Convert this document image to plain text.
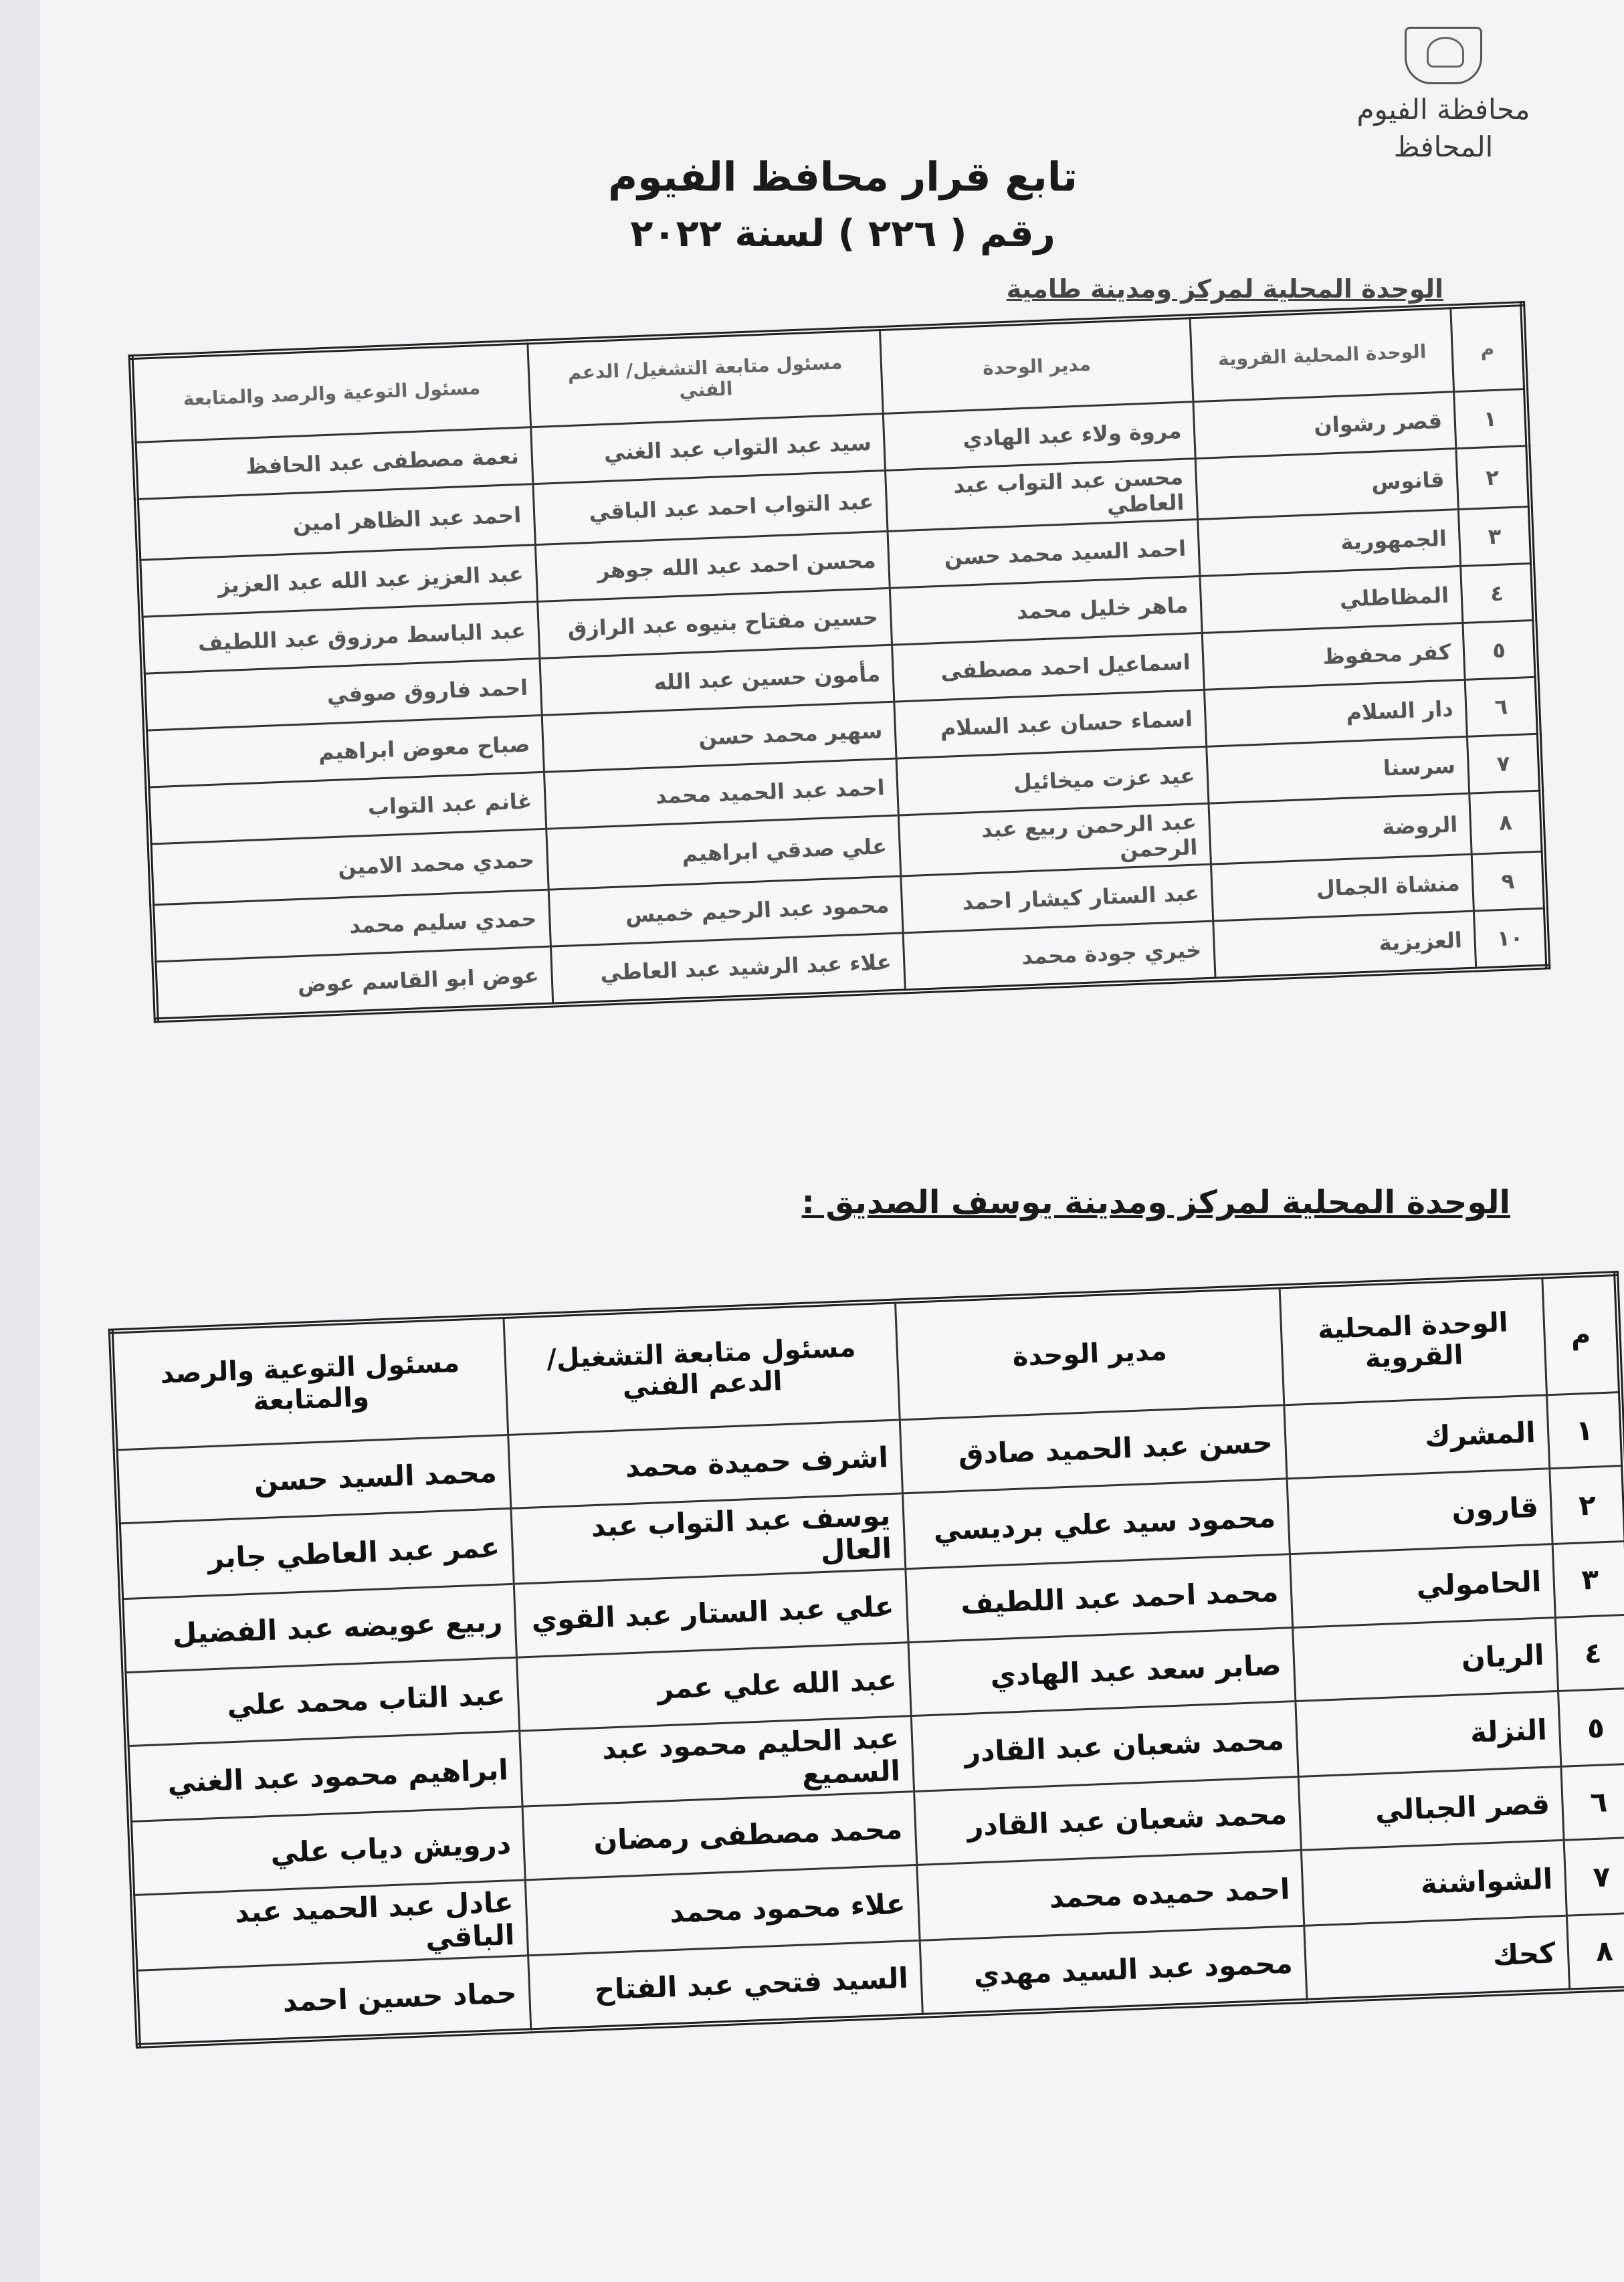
محافظة الفيوم
المحافظ
تابع قرار محافظ الفيوم
رقم ( ٢٢٦ ) لسنة ٢٠٢٢
الوحدة المحلية لمركز ومدينة طامية
م	الوحدة المحلية القروية	مدير الوحدة	مسئول متابعة التشغيل/ الدعم الفني	مسئول التوعية والرصد والمتابعة
١	قصر رشوان	مروة ولاء عبد الهادي	سيد عبد التواب عبد الغني	نعمة مصطفى عبد الحافظ
٢	قانوس	محسن عبد التواب عبد العاطي	عبد التواب احمد عبد الباقي	احمد عبد الظاهر امين
٣	الجمهورية	احمد السيد محمد حسن	محسن احمد عبد الله جوهر	عبد العزيز عبد الله عبد العزيز
٤	المظاطلي	ماهر خليل محمد	حسين مفتاح بنيوه عبد الرازق	عبد الباسط مرزوق عبد اللطيف
٥	كفر محفوظ	اسماعيل احمد مصطفى	مأمون حسين عبد الله	احمد فاروق صوفي
٦	دار السلام	اسماء حسان عبد السلام	سهير محمد حسن	صباح معوض ابراهيم
٧	سرسنا	عيد عزت ميخائيل	احمد عبد الحميد محمد	غانم عبد التواب
٨	الروضة	عبد الرحمن ربيع عبد الرحمن	علي صدقي ابراهيم	حمدي محمد الامين
٩	منشاة الجمال	عبد الستار كيشار احمد	محمود عبد الرحيم خميس	حمدي سليم محمد
١٠	العزيزية	خيري جودة محمد	علاء عبد الرشيد عبد العاطي	عوض ابو القاسم عوض
الوحدة المحلية لمركز ومدينة يوسف الصديق :
م	الوحدة المحلية القروية	مدير الوحدة	مسئول متابعة التشغيل/ الدعم الفني	مسئول التوعية والرصد والمتابعة
١	المشرك	حسن عبد الحميد صادق	اشرف حميدة محمد	محمد السيد حسن
٢	قارون	محمود سيد علي برديسي	يوسف عبد التواب عبد العال	عمر عبد العاطي جابر
٣	الحامولي	محمد احمد عبد اللطيف	علي عبد الستار عبد القوي	ربيع عويضه عبد الفضيل
٤	الريان	صابر سعد عبد الهادي	عبد الله علي عمر	عبد التاب محمد علي
٥	النزلة	محمد شعبان عبد القادر	عبد الحليم محمود عبد السميع	ابراهيم محمود عبد الغني
٦	قصر الجبالي	محمد شعبان عبد القادر	محمد مصطفى رمضان	درويش دياب علي
٧	الشواشنة	احمد حميده محمد	علاء محمود محمد	عادل عبد الحميد عبد الباقي
٨	كحك	محمود عبد السيد مهدي	السيد فتحي عبد الفتاح	حماد حسين احمد
